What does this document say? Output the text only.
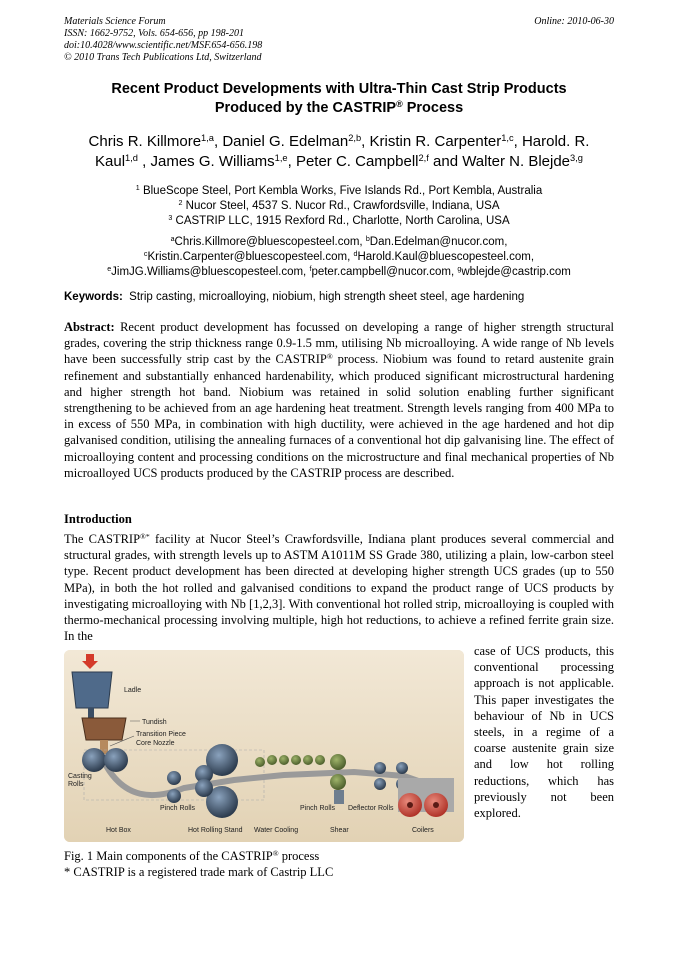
Materials Science Forum
ISSN: 1662-9752, Vols. 654-656, pp 198-201
doi:10.4028/www.scientific.net/MSF.654-656.198
© 2010 Trans Tech Publications Ltd, Switzerland
Online: 2010-06-30
Recent Product Developments with Ultra-Thin Cast Strip Products
Produced by the CASTRIP® Process
Chris R. Killmore$^{1,a}$, Daniel G. Edelman$^{2,b}$, Kristin R. Carpenter$^{1,c}$, Harold. R.
Kaul$^{1,d}$ , James G. Williams$^{1,e}$, Peter C. Campbell$^{2,f}$ and Walter N. Blejde$^{3,g}$
$^1$ BlueScope Steel, Port Kembla Works, Five Islands Rd., Port Kembla, Australia
$^2$ Nucor Steel, 4537 S. Nucor Rd., Crawfordsville, Indiana, USA
$^3$ CASTRIP LLC, 1915 Rexford Rd., Charlotte, North Carolina, USA
$^a$Chris.Killmore@bluescopesteel.com, $^b$Dan.Edelman@nucor.com,
$^c$Kristin.Carpenter@bluescopesteel.com, $^d$Harold.Kaul@bluescopesteel.com,
$^e$JimJG.Williams@bluescopesteel.com, $^f$peter.campbell@nucor.com, $^g$wblejde@castrip.com
Keywords:  Strip casting, microalloying, niobium, high strength sheet steel, age hardening
Abstract: Recent product development has focussed on developing a range of higher strength structural grades, covering the strip thickness range 0.9-1.5 mm, utilising Nb microalloying. A wide range of Nb levels have been successfully strip cast by the CASTRIP® process. Niobium was found to retard austenite grain refinement and substantially enhanced hardenability, which produced significant microstructural hardening and higher strength hot band. Niobium was retained in solid solution enabling further significant strengthening to be achieved from an age hardening heat treatment. Strength levels ranging from 400 MPa to in excess of 550 MPa, in combination with high ductility, were achieved in the age hardened and hot dip galvanised condition, utilising the annealing furnaces of a conventional hot dip galvanising line. The effect of microalloying content and processing conditions on the microstructure and final mechanical properties of Nb microalloyed UCS products produced by the CASTRIP process are described.
Introduction
The CASTRIP®* facility at Nucor Steel’s Crawfordsville, Indiana plant produces several commercial and structural grades, with strength levels up to ASTM A1011M SS Grade 380, utilizing a plain, low-carbon steel type. Recent product development has been directed at developing higher strength UCS grades (up to 550 MPa), in both the hot rolled and galvanised conditions to expand the product range of UCS products by investigating microalloying with Nb [1,2,3]. With conventional hot rolled strip, microalloying is coupled with thermo-mechanical processing involving multiple, high hot reductions, to achieve a refined ferrite grain size. In the
case of UCS products, this conventional processing approach is not applicable. This paper investigates the behaviour of Nb in UCS steels, in a regime of a coarse austenite grain size and low hot rolling reductions, which has previously not been explored.
Ladle
Tundish
Transition Piece
Core Nozzle
Casting
Rolls
Pinch Rolls
Hot Rolling Stand Water Cooling
Pinch Rolls
Shear
Deflector Rolls
Coilers
Hot Box
Fig. 1 Main components of the CASTRIP® process
* CASTRIP is a registered trade mark of Castrip LLC
